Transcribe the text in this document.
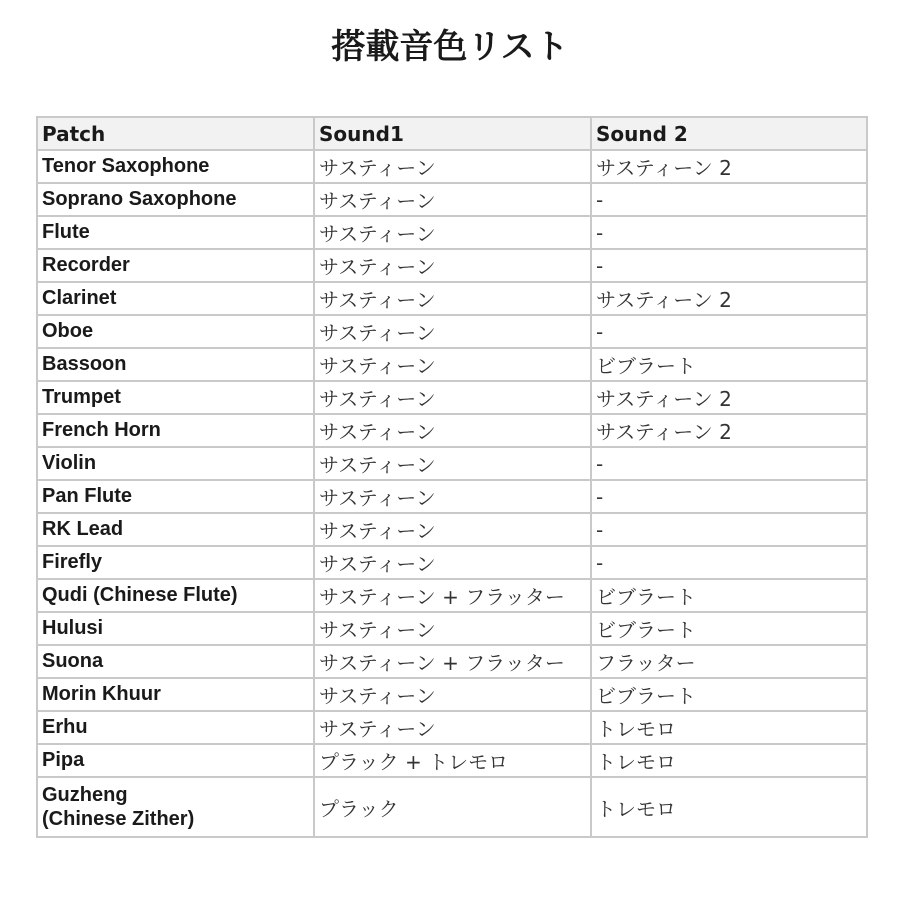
搭載音色リスト
Patch	Sound1	Sound 2
Tenor Saxophone	サスティーン	サスティーン 2
Soprano Saxophone	サスティーン	-
Flute	サスティーン	-
Recorder	サスティーン	-
Clarinet	サスティーン	サスティーン 2
Oboe	サスティーン	-
Bassoon	サスティーン	ビブラート
Trumpet	サスティーン	サスティーン 2
French Horn	サスティーン	サスティーン 2
Violin	サスティーン	-
Pan Flute	サスティーン	-
RK Lead	サスティーン	-
Firefly	サスティーン	-
Qudi (Chinese Flute)	サスティーン + フラッター	ビブラート
Hulusi	サスティーン	ビブラート
Suona	サスティーン + フラッター	フラッター
Morin Khuur	サスティーン	ビブラート
Erhu	サスティーン	トレモロ
Pipa	プラック + トレモロ	トレモロ
Guzheng
(Chinese Zither)	プラック	トレモロ
